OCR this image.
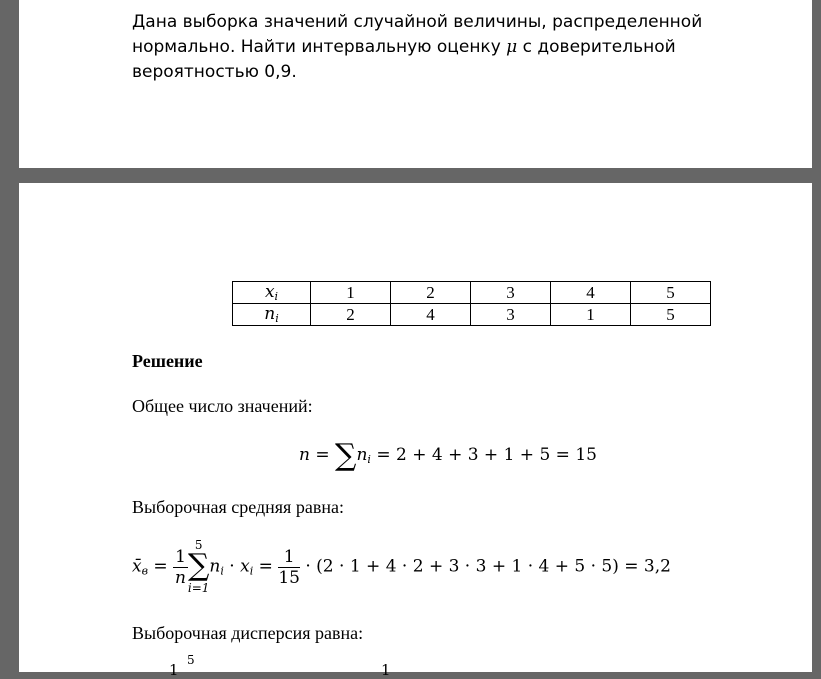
Дана выборка значений случайной величины, распределенной
нормально. Найти интервальную оценку μ с доверительной
вероятностью 0,9.
$x_i$	1	2	3	4	5
$n_i$	2	4	3	1	5
Решение
Общее число значений:
$n = \sum n_i = 2 + 4 + 3 + 1 + 5 = 15$
Выборочная средняя равна:
$x̄_в = \frac{1}{n}$
5
∑
i=1
$n_i \cdot x_i = \frac{1}{15} \cdot (2 \cdot 1 + 4 \cdot 2 + 3 \cdot 3 + 1 \cdot 4 + 5 \cdot 5) = 3,2$
Выборочная дисперсия равна:
1
5
1
